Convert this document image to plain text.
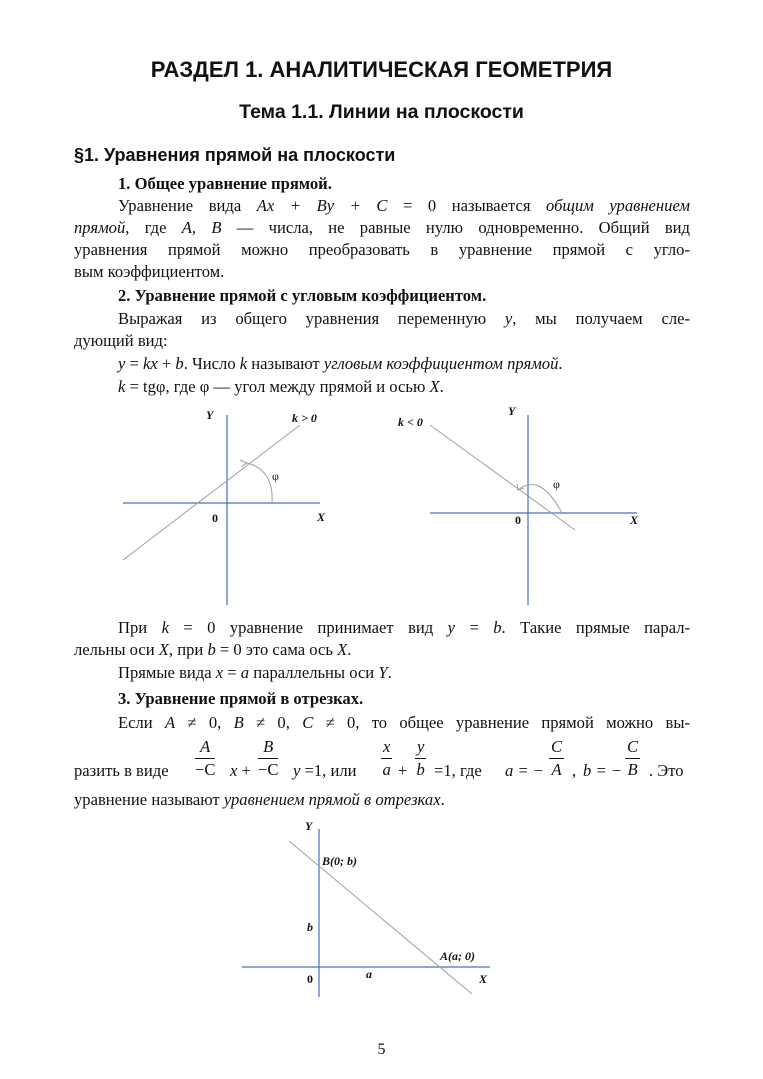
РАЗДЕЛ 1. АНАЛИТИЧЕСКАЯ ГЕОМЕТРИЯ
Тема 1.1. Линии на плоскости
§1. Уравнения прямой на плоскости
1. Общее уравнение прямой.
Уравнение вида Ax + By + C = 0 называется общим уравнением
прямой, где A, B — числа, не равные нулю одновременно. Общий вид
уравнения прямой можно преобразовать в уравнение прямой с угло-
вым коэффициентом.
2. Уравнение прямой с угловым коэффициентом.
Выражая из общего уравнения переменную y, мы получаем сле-
дующий вид:
y = kx + b. Число k называют угловым коэффициентом прямой.
k = tgφ, где φ — угол между прямой и осью X.
Y
X
0
k > 0
φ
Y
X
0
k < 0
φ
При k = 0 уравнение принимает вид y = b. Такие прямые парал-
лельны оси X, при b = 0 это сама ось X.
Прямые вида x = a параллельны оси Y.
3. Уравнение прямой в отрезках.
Если A ≠ 0, B ≠ 0, C ≠ 0, то общее уравнение прямой можно вы-
разить в виде $\frac{A}{-C}$ $x + \frac{B}{-C}$ y =1, или $\frac{x}{a} + \frac{y}{b} =1$, где a = − $\frac{C}{A}$ , b = − $\frac{C}{B}$ . Это
уравнение называют уравнением прямой в отрезках.
Y
X
0
B(0; b)
A(a; 0)
b
a
5
